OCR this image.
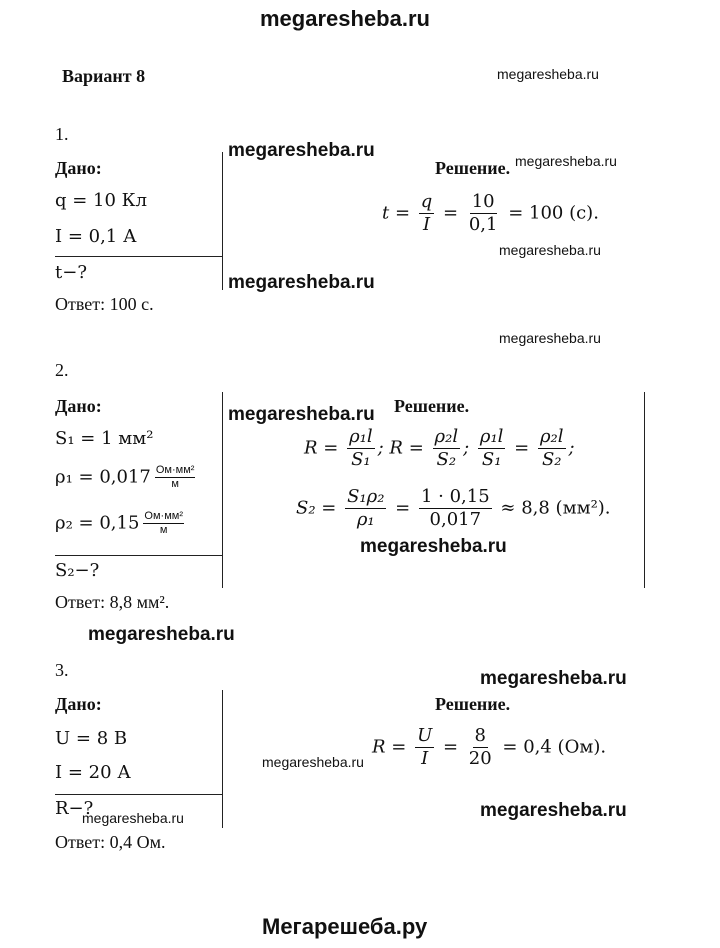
megaresheba.ru
Мегарешеба.ру
Вариант 8	megaresheba.ru
1.
Дано:
q = 10 Кл
I = 0,1 А
t−?
Ответ: 100 с.
megaresheba.ru
Решение. megaresheba.ru
$t = \frac{q}{I} = \frac{10}{0,1} = 100$ (с).
megaresheba.ru
megaresheba.ru
megaresheba.ru
2.
Дано:
S₁ = 1 мм²
$\rho_1 = 0,017 \frac{\text{Ом·мм²}}{м}$
$\rho_2 = 0,15 \frac{\text{Ом·мм²}}{м}$
S₂−?
Ответ: 8,8 мм².
megaresheba.ru Решение.
$R = \frac{\text{ρ₁l}}{\text{S₁}}$ ; $R = \frac{\text{ρ₂l}}{\text{S₂}}$ ; $\frac{\text{ρ₁l}}{\text{S₁}} = \frac{\text{ρ₂l}}{\text{S₂}}$ ;
$S_2 = \frac{\text{S₁ρ₂}}{\text{ρ₁}} = \frac{1 \cdot 0,15}{0,017} \approx 8,8$ (мм²).
megaresheba.ru
megaresheba.ru
3.	megaresheba.ru
Дано:
U = 8 В
I = 20 А
R−?
megaresheba.ru
Ответ: 0,4 Ом.
Решение.
megaresheba.ru
$R = \frac{U}{I} = \frac{8}{20} = 0,4$ (Ом).
megaresheba.ru
